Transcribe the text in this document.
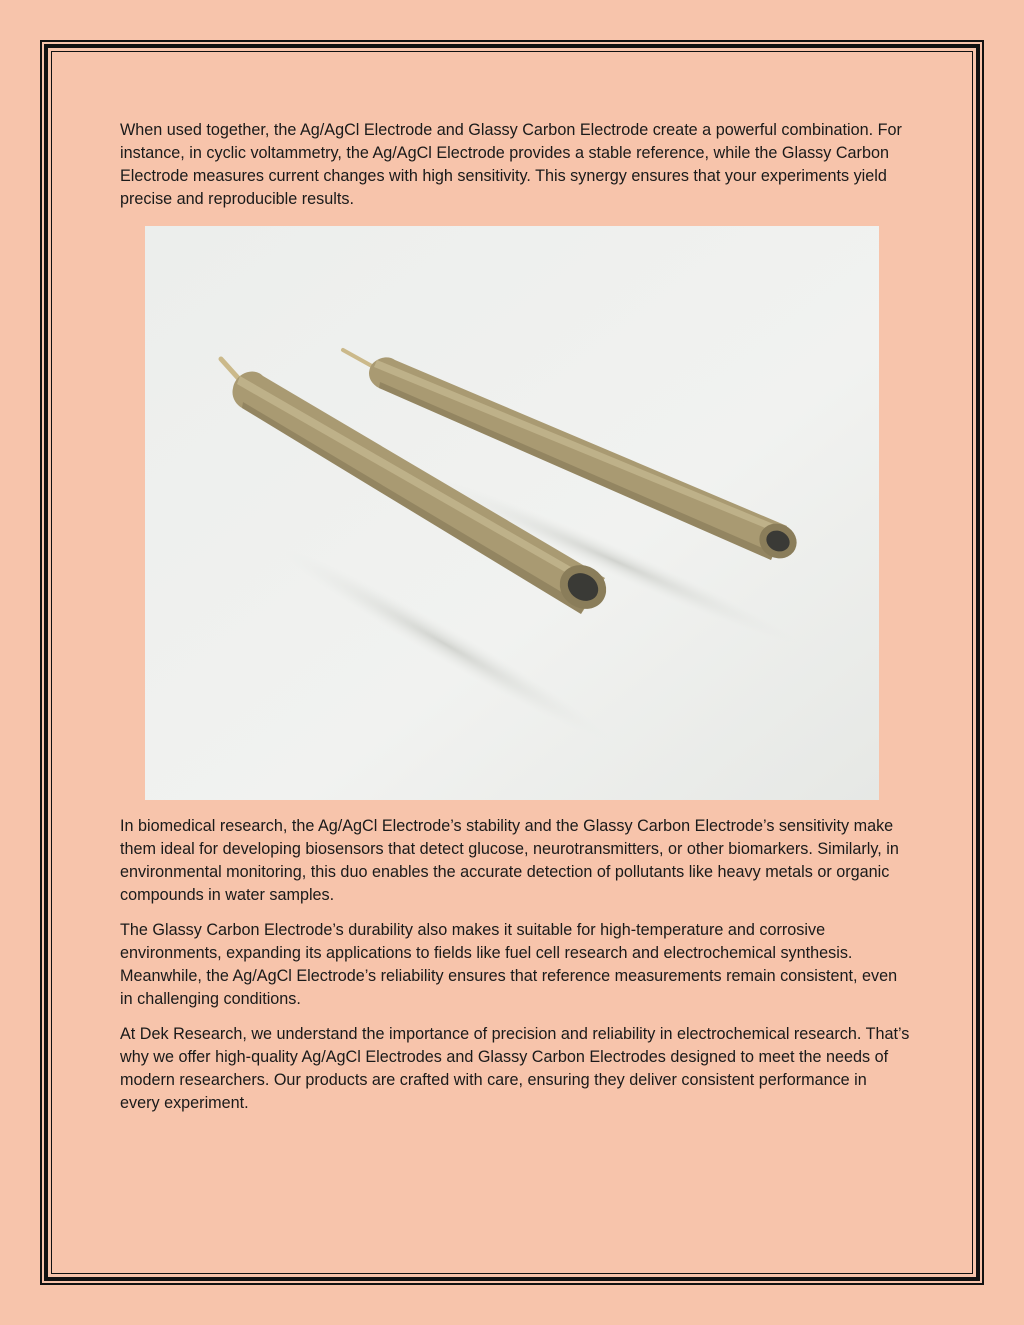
When used together, the Ag/AgCl Electrode and Glassy Carbon Electrode create a powerful combination. For instance, in cyclic voltammetry, the Ag/AgCl Electrode provides a stable reference, while the Glassy Carbon Electrode measures current changes with high sensitivity. This synergy ensures that your experiments yield precise and reproducible results.

In biomedical research, the Ag/AgCl Electrode’s stability and the Glassy Carbon Electrode’s sensitivity make them ideal for developing biosensors that detect glucose, neurotransmitters, or other biomarkers. Similarly, in environmental monitoring, this duo enables the accurate detection of pollutants like heavy metals or organic compounds in water samples.

The Glassy Carbon Electrode’s durability also makes it suitable for high-temperature and corrosive environments, expanding its applications to fields like fuel cell research and electrochemical synthesis. Meanwhile, the Ag/AgCl Electrode’s reliability ensures that reference measurements remain consistent, even in challenging conditions.

At Dek Research, we understand the importance of precision and reliability in electrochemical research. That’s why we offer high-quality Ag/AgCl Electrodes and Glassy Carbon Electrodes designed to meet the needs of modern researchers. Our products are crafted with care, ensuring they deliver consistent performance in every experiment.
